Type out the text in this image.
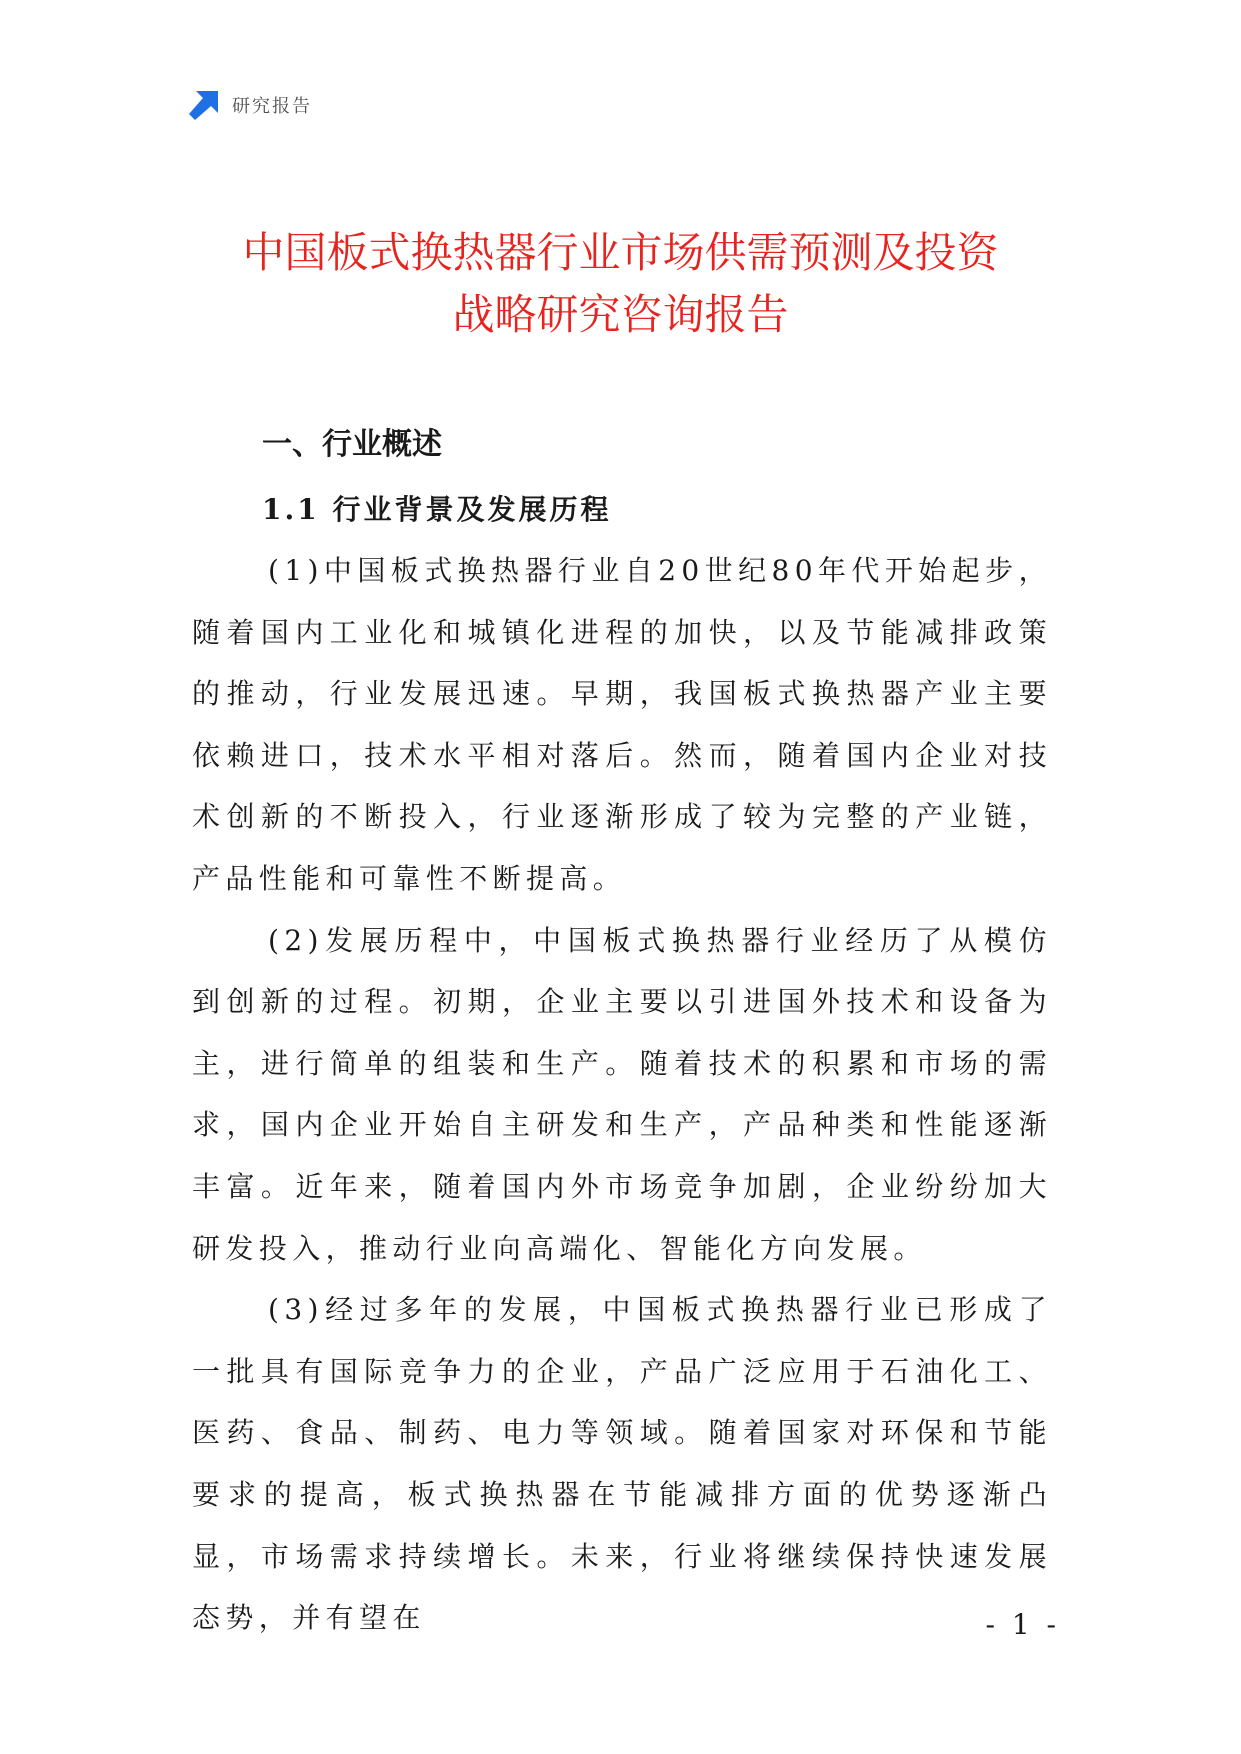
研究报告
中国板式换热器行业市场供需预测及投资
战略研究咨询报告
一、行业概述
1.1 行业背景及发展历程

(1)中国板式换热器行业自20世纪80年代开始起步，随着国内工业化和城镇化进程的加快，以及节能减排政策的推动，行业发展迅速。早期，我国板式换热器产业主要依赖进口，技术水平相对落后。然而，随着国内企业对技术创新的不断投入，行业逐渐形成了较为完整的产业链，产品性能和可靠性不断提高。

(2)发展历程中，中国板式换热器行业经历了从模仿到创新的过程。初期，企业主要以引进国外技术和设备为主，进行简单的组装和生产。随着技术的积累和市场的需求，国内企业开始自主研发和生产，产品种类和性能逐渐丰富。近年来，随着国内外市场竞争加剧，企业纷纷加大研发投入，推动行业向高端化、智能化方向发展。

(3)经过多年的发展，中国板式换热器行业已形成了一批具有国际竞争力的企业，产品广泛应用于石油化工、医药、食品、制药、电力等领域。随着国家对环保和节能要求的提高，板式换热器在节能减排方面的优势逐渐凸显，市场需求持续增长。未来，行业将继续保持快速发展态势，并有望在	- 1 -
